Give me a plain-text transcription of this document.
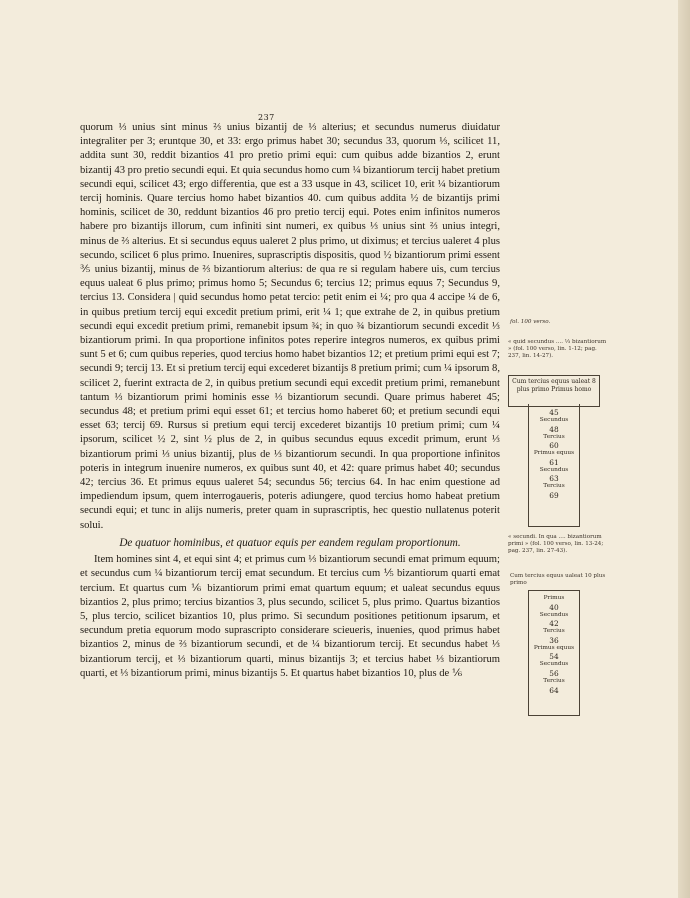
237

quorum ⅓ unius sint minus ⅔ unius bizantij de ⅓ alterius; et secundus numerus diuidatur integraliter per 3; eruntque 30, et 33: ergo primus habet 30; secundus 33, quorum ⅓, scilicet 11, addita sunt 30, reddit bizantios 41 pro pretio primi equi: cum quibus adde bizantios 2, erunt bizantij 43 pro pretio secundi equi. Et quia secundus homo cum ¼ bizantiorum tercij habet pretium secundi equi, scilicet 43; ergo differentia, que est a 33 usque in 43, scilicet 10, erit ¼ bizantiorum tercij hominis. Quare tercius homo habet bizantios 40. cum quibus addita ½ de bizantijs primi hominis, scilicet de 30, reddunt bizantios 46 pro pretio tercij equi. Potes enim infinitos numeros habere pro bizantijs illorum, cum infiniti sint numeri, ex quibus ⅓ unius sint ⅔ unius integri, minus de ⅔ alterius. Et si secundus equus ualeret 2 plus primo, ut diximus; et tercius ualeret 4 plus secundo, scilicet 6 plus primo. Inuenires, suprascriptis dispositis, quod ½ bizantiorum primi essent ⅗ unius bizantij, minus de ⅔ bizantiorum alterius: de qua re si regulam habere uis, cum tercius equus ualeat 6 plus primo; primus homo 5; Secundus 6; tercius 12; primus equus 7; Secundus 9, tercius 13. Considera | quid secundus homo petat tercio: petit enim ei ¼; pro qua 4 accipe ¼ de 6, in quibus pretium tercij equi excedit pretium primi, erit ¼ 1; que extrahe de 2, in quibus pretium secundi equi excedit pretium primi, remanebit ipsum ¾; in quo ¾ bizantiorum secundi excedit ⅓ bizantiorum primi. In qua proportione infinitos potes reperire integros numeros, ex quibus primi sunt 5 et 6; cum quibus reperies, quod tercius homo habet bizantios 12; et pretium primi equi est 7; secundi 9; tercij 13. Et si pretium tercij equi excederet bizantijs 8 pretium primi; cum ¼ ipsorum 8, scilicet 2, fuerint extracta de 2, in quibus pretium secundi equi excedit pretium primi, remanebunt tantum ⅓ bizantiorum primi hominis esse ⅓ bizantiorum secundi. Quare primus haberet 45; secundus 48; et pretium primi equi esset 61; et tercius homo haberet 60; et pretium secundi equi esset 63; tercij 69. Rursus si pretium equi tercij excederet bizantijs 10 pretium primi; cum ¼ ipsorum, scilicet ½ 2, sint ½ plus de 2, in quibus secundus equus excedit primum, erunt ⅓ bizantiorum primi ⅓ unius bizantij, plus de ⅓ bizantiorum secundi. In qua proportione infinitos poteris in integrum inuenire numeros, ex quibus sunt 40, et 42: quare primus habet 40; secundus 42; tercius 36. Et primus equus ualeret 54; secundus 56; tercius 64. In hac enim questione ad impediendum ipsum, quem interrogaueris, poteris adiungere, quod tercius homo habeat pretium secundi equi; et tunc in alijs numeris, preter quam in suprascriptis, hec questio nullatenus poterit solui.

De quatuor hominibus, et quatuor equis per eandem regulam proportionum.

Item homines sint 4, et equi sint 4; et primus cum ⅓ bizantiorum secundi emat primum equum; et secundus cum ¼ bizantiorum tercij emat secundum. Et tercius cum ⅕ bizantiorum quarti emat tercium. Et quartus cum ⅙ bizantiorum primi emat quartum equum; et ualeat secundus equus bizantios 2, plus primo; tercius bizantios 3, plus secundo, scilicet 5, plus primo. Quartus bizantios 5, plus tercio, scilicet bizantios 10, plus primo. Si secundum positiones petitionum ipsarum, et secundum pretia equorum modo suprascripto considerare scieueris, inuenies, quod primus habet bizantios 2, minus de ⅔ bizantiorum secundi, et de ¼ bizantiorum tercij. Et secundus habet ⅓ bizantiorum tercij, et ⅓ bizantiorum quarti, minus bizantijs 3; et tercius habet ⅓ bizantiorum quarti, et ⅓ bizantiorum primi, minus bizantijs 5. Et quartus habet bizantios 10, plus de ⅙

fol. 100 verso.
« quid secundus .... ⅓ bizantiorum » (fol. 100 verso, lin. 1-12; pag. 237, lin. 14-27).
Cum tercius equus ualeat 8
plus primo Primus homo
45
Secundus
48
Tercius
60
Primus equus
61
Secundus
63
Tercius
69
« secundi. In qua .... bizantiorum primi » (fol. 100 verso, lin. 13-24; pag. 237, lin. 27-43).
Cum tercius equus ualeat 10 plus primo
Primus
40
Secundus
42
Tercius
36
Primus equus
54
Secundus
56
Tercius
64
